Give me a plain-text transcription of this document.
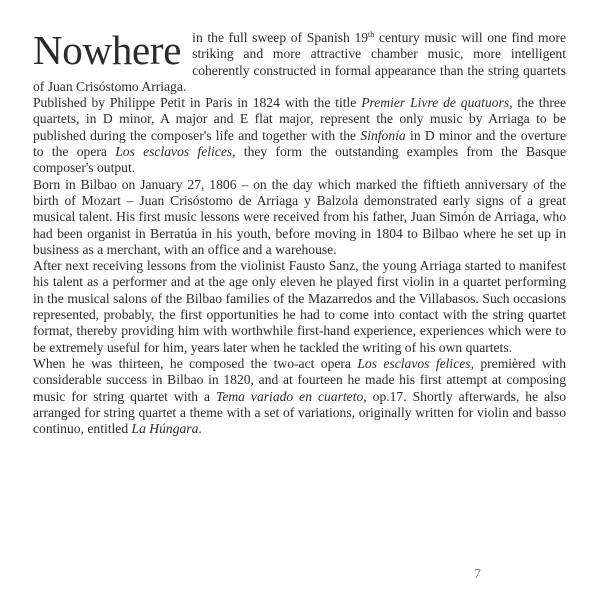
Nowhere in the full sweep of Spanish 19th century music will one find more striking and more attractive chamber music, more intelligent coherently constructed in formal appearance than the string quartets of Juan Crisóstomo Arriaga.

Published by Philippe Petit in Paris in 1824 with the title Premier Livre de quatuors, the three quartets, in D minor, A major and E flat major, represent the only music by Arriaga to be published during the composer's life and together with the Sinfonía in D minor and the overture to the opera Los esclavos felices, they form the outstanding examples from the Basque composer's output.

Born in Bilbao on January 27, 1806 – on the day which marked the fiftieth anniversary of the birth of Mozart – Juan Crisóstomo de Arriaga y Balzola demonstrated early signs of a great musical talent. His first music lessons were received from his father, Juan Simón de Arriaga, who had been organist in Berratúa in his youth, before moving in 1804 to Bilbao where he set up in business as a merchant, with an office and a warehouse.

After next receiving lessons from the violinist Fausto Sanz, the young Arriaga started to manifest his talent as a performer and at the age only eleven he played first violin in a quartet performing in the musical salons of the Bilbao families of the Mazarredos and the Villabasos. Such occasions represented, probably, the first opportunities he had to come into contact with the string quartet format, thereby providing him with worthwhile first-hand experience, experiences which were to be extremely useful for him, years later when he tackled the writing of his own quartets.

When he was thirteen, he composed the two-act opera Los esclavos felices, premièred with considerable success in Bilbao in 1820, and at fourteen he made his first attempt at composing music for string quartet with a Tema variado en cuarteto, op.17. Shortly afterwards, he also arranged for string quartet a theme with a set of variations, originally written for violin and basso continuo, entitled La Húngara.

7
